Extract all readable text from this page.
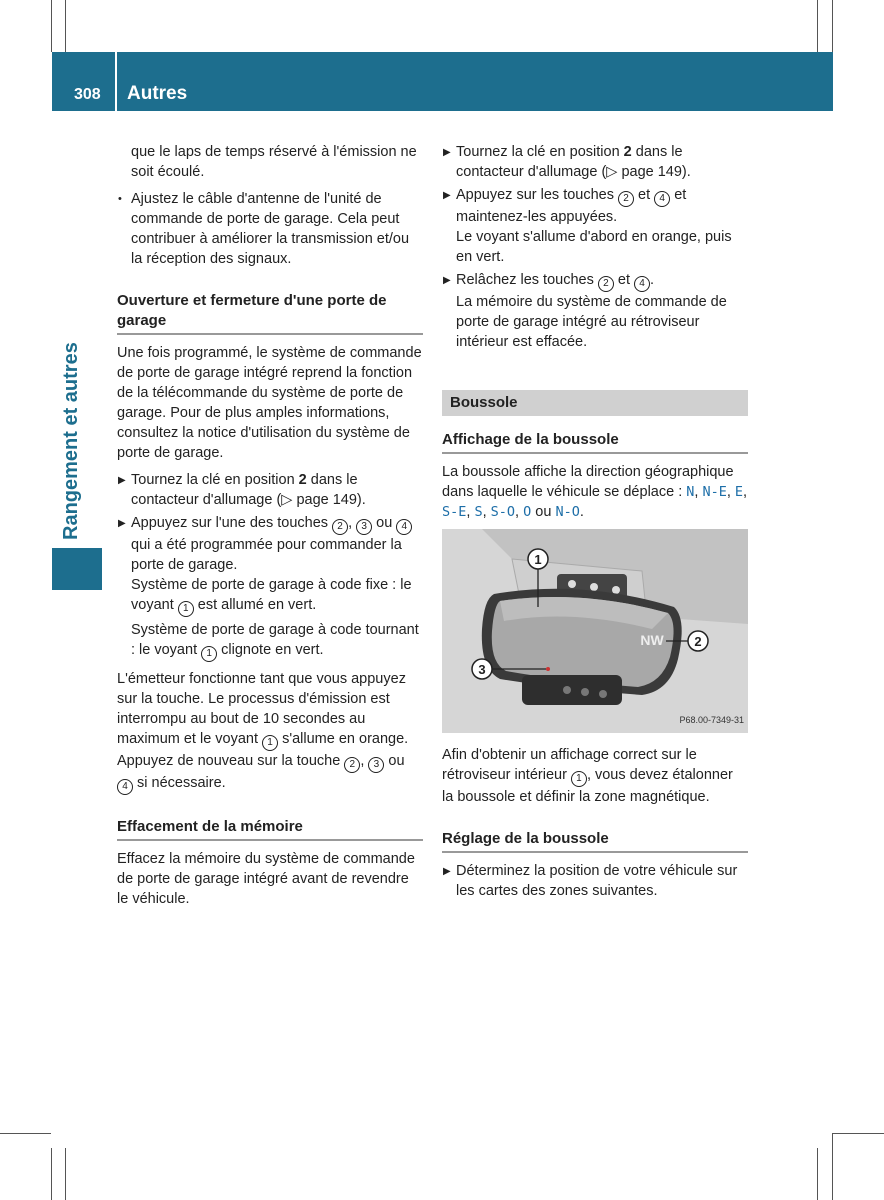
308 Autres
Rangement et autres

que le laps de temps réservé à l'émission ne soit écoulé.

• Ajustez le câble d'antenne de l'unité de commande de porte de garage. Cela peut contribuer à améliorer la transmission et/ou la réception des signaux.
Ouverture et fermeture d'une porte de garage

Une fois programmé, le système de commande de porte de garage intégré reprend la fonction de la télécommande du système de porte de garage. Pour de plus amples informations, consultez la notice d'utilisation du système de porte de garage.

▶ Tournez la clé en position 2 dans le contacteur d'allumage (▷ page 149).
▶ Appuyez sur l'une des touches 2 , 3 ou 4 qui a été programmée pour commander la porte de garage.

Système de porte de garage à code fixe : le voyant 1 est allumé en vert.

Système de porte de garage à code tournant : le voyant 1 clignote en vert.

L'émetteur fonctionne tant que vous appuyez sur la touche. Le processus d'émission est interrompu au bout de 10 secondes au maximum et le voyant 1 s'allume en orange. Appuyez de nouveau sur la touche 2 , 3 ou 4 si nécessaire.

Effacement de la mémoire

Effacez la mémoire du système de commande de porte de garage intégré avant de revendre le véhicule.

▶ Tournez la clé en position 2 dans le contacteur d'allumage (▷ page 149).
▶ Appuyez sur les touches 2 et 4 et maintenez-les appuyées.

Le voyant s'allume d'abord en orange, puis en vert.

▶ Relâchez les touches 2 et 4 .

La mémoire du système de commande de porte de garage intégré au rétroviseur intérieur est effacée.

Boussole
Affichage de la boussole

La boussole affiche la direction géographique dans laquelle le véhicule se déplace : N, N-E, E, S-E, S, S-O, O ou N-O.

1
NW 2
3
P68.00-7349-31

Afin d'obtenir un affichage correct sur le rétroviseur intérieur 1 , vous devez étalonner la boussole et définir la zone magnétique.

Réglage de la boussole
▶ Déterminez la position de votre véhicule sur les cartes des zones suivantes.
